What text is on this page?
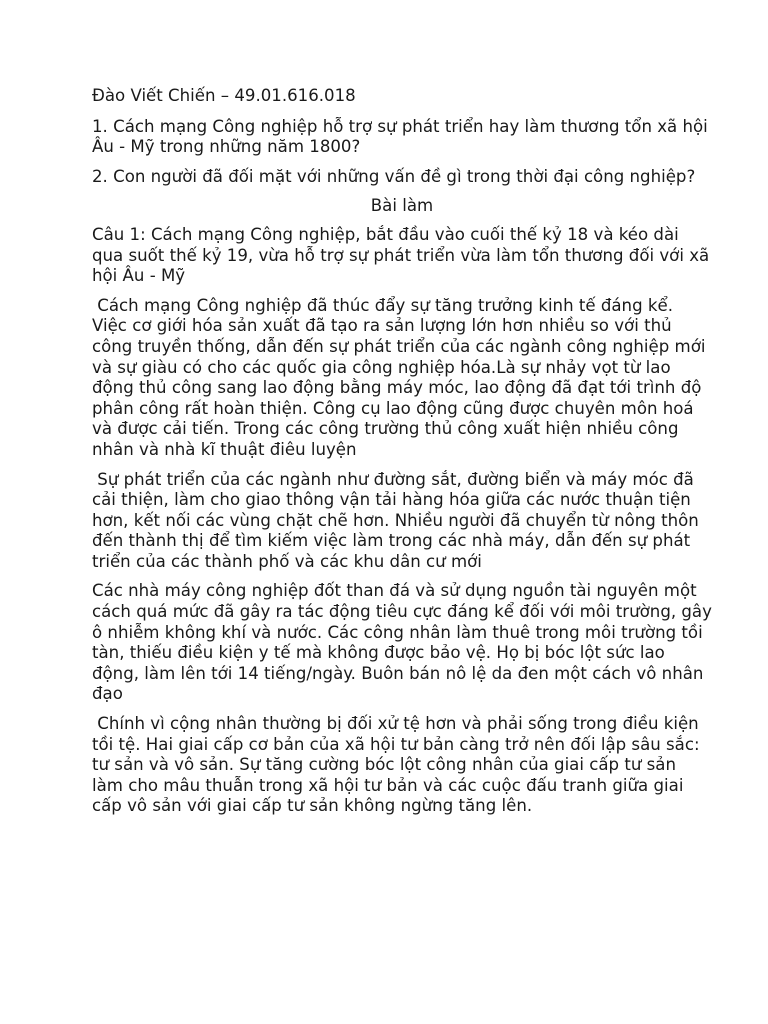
Đào Viết Chiến – 49.01.616.018

1. Cách mạng Công nghiệp hỗ trợ sự phát triển hay làm thương tổn xã hội Âu - Mỹ trong những năm 1800?

2. Con người đã đối mặt với những vấn đề gì trong thời đại công nghiệp?

Bài làm

Câu 1: Cách mạng Công nghiệp, bắt đầu vào cuối thế kỷ 18 và kéo dài qua suốt thế kỷ 19, vừa hỗ trợ sự phát triển vừa làm tổn thương đối với xã hội Âu - Mỹ

Cách mạng Công nghiệp đã thúc đẩy sự tăng trưởng kinh tế đáng kể. Việc cơ giới hóa sản xuất đã tạo ra sản lượng lớn hơn nhiều so với thủ công truyền thống, dẫn đến sự phát triển của các ngành công nghiệp mới và sự giàu có cho các quốc gia công nghiệp hóa.Là sự nhảy vọt từ lao động thủ công sang lao động bằng máy móc, lao động đã đạt tới trình độ phân công rất hoàn thiện. Công cụ lao động cũng được chuyên môn hoá và được cải tiến. Trong các công trường thủ công xuất hiện nhiều công nhân và nhà kĩ thuật điêu luyện

Sự phát triển của các ngành như đường sắt, đường biển và máy móc đã cải thiện, làm cho giao thông vận tải hàng hóa giữa các nước thuận tiện hơn, kết nối các vùng chặt chẽ hơn. Nhiều người đã chuyển từ nông thôn đến thành thị để tìm kiếm việc làm trong các nhà máy, dẫn đến sự phát triển của các thành phố và các khu dân cư mới

Các nhà máy công nghiệp đốt than đá và sử dụng nguồn tài nguyên một cách quá mức đã gây ra tác động tiêu cực đáng kể đối với môi trường, gây ô nhiễm không khí và nước. Các công nhân làm thuê trong môi trường tồi tàn, thiếu điều kiện y tế mà không được bảo vệ. Họ bị bóc lột sức lao động, làm lên tới 14 tiếng/ngày. Buôn bán nô lệ da đen một cách vô nhân đạo

Chính vì cộng nhân thường bị đối xử tệ hơn và phải sống trong điều kiện tồi tệ. Hai giai cấp cơ bản của xã hội tư bản càng trở nên đối lập sâu sắc: tư sản và vô sản. Sự tăng cường bóc lột công nhân của giai cấp tư sản làm cho mâu thuẫn trong xã hội tư bản và các cuộc đấu tranh giữa giai cấp vô sản với giai cấp tư sản không ngừng tăng lên.
